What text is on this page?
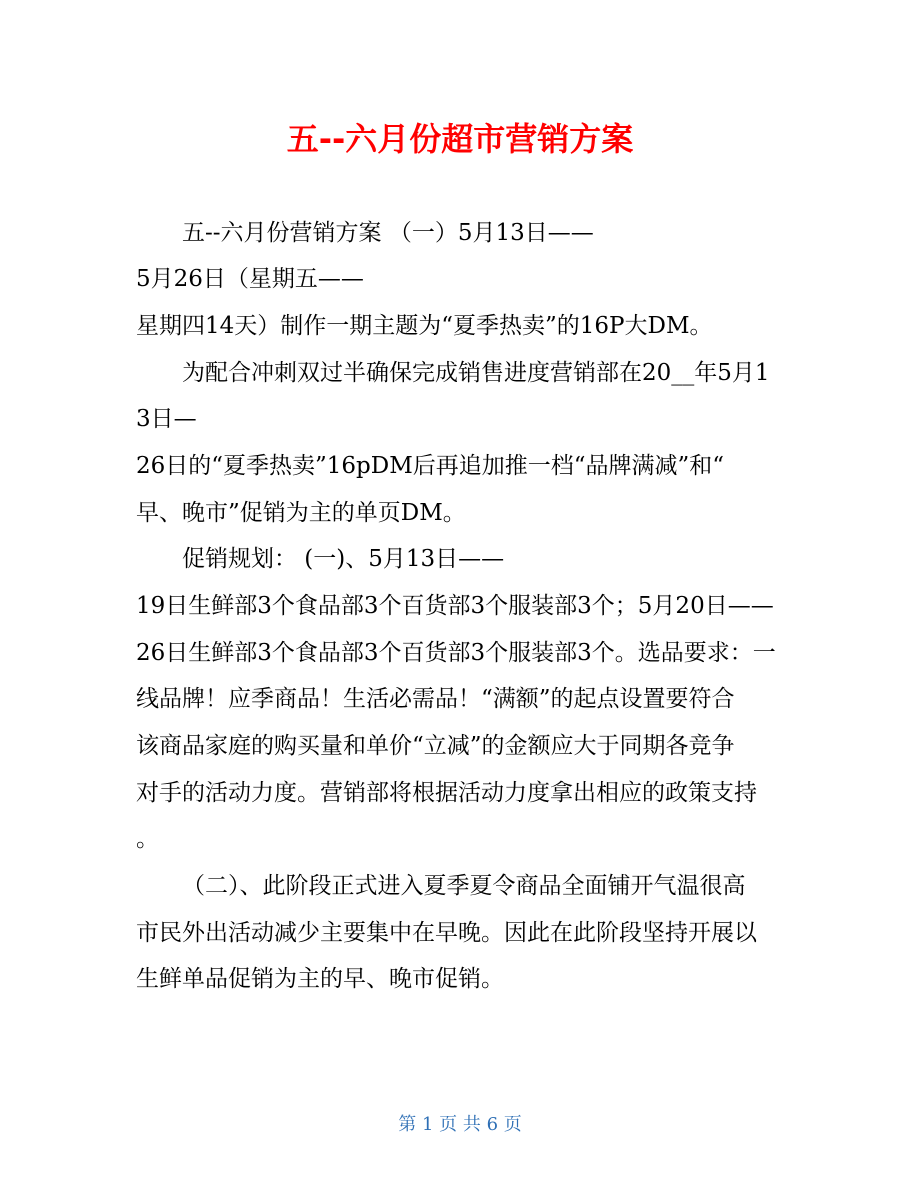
五--六月份超市营销方案

五--六月份营销方案 （一）5月13日——

5月26日（星期五——

星期四14天）制作一期主题为“夏季热卖”的16P大DM。

为配合冲刺双过半确保完成销售进度营销部在20__年5月1

3日—

26日的“夏季热卖”16pDM后再追加推一档“品牌满减”和“

早、晚市”促销为主的单页DM。

促销规划： (一)、5月13日——

19日生鲜部3个食品部3个百货部3个服装部3个；5月20日——

26日生鲜部3个食品部3个百货部3个服装部3个。选品要求：一

线品牌！应季商品！生活必需品！“满额”的起点设置要符合

该商品家庭的购买量和单价“立减”的金额应大于同期各竞争

对手的活动力度。营销部将根据活动力度拿出相应的政策支持

。

（二）、此阶段正式进入夏季夏令商品全面铺开气温很高

市民外出活动减少主要集中在早晚。因此在此阶段坚持开展以

生鲜单品促销为主的早、晚市促销。

第 1 页 共 6 页
